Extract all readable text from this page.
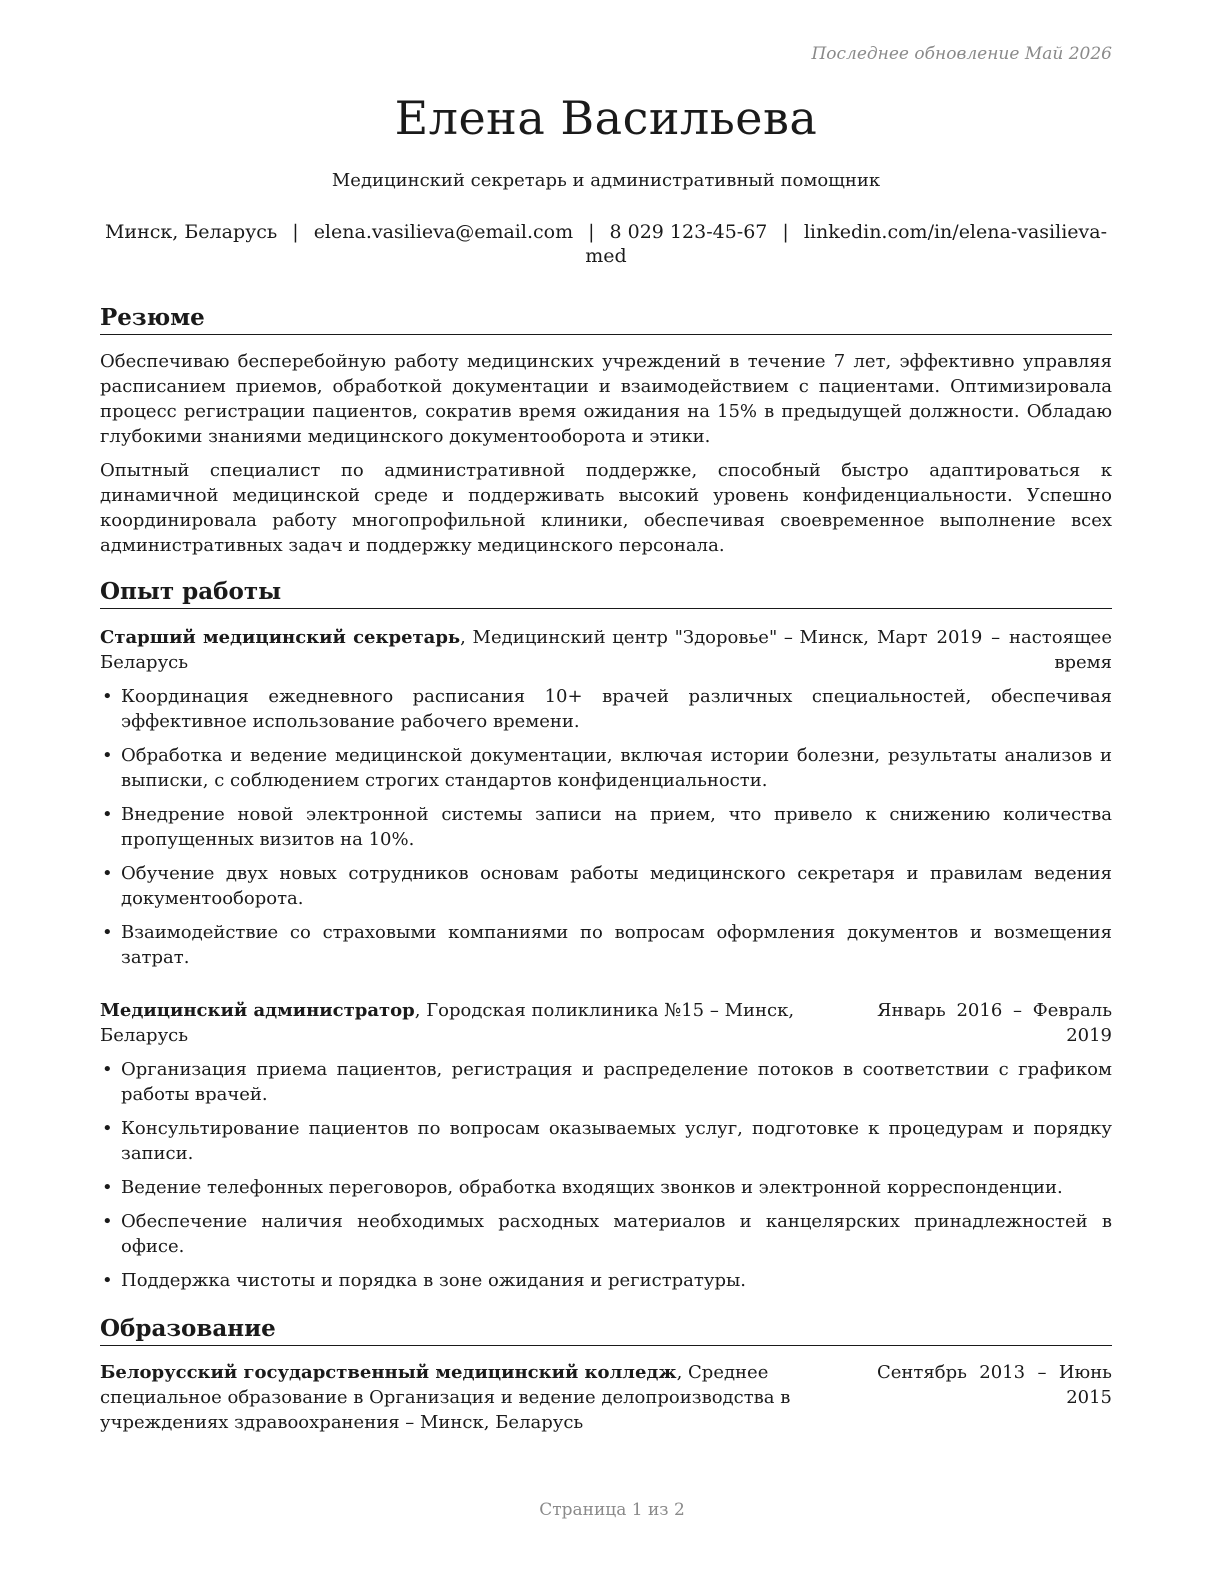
Последнее обновление Май 2026
Елена Васильева
Медицинский секретарь и административный помощник
Минск, Беларусь | elena.vasilieva@email.com | 8 029 123-45-67 | linkedin.com/in/elena-vasilieva-med
Резюме

Обеспечиваю бесперебойную работу медицинских учреждений в течение 7 лет, эффективно управляя расписанием приемов, обработкой документации и взаимодействием с пациентами. Оптимизировала процесс регистрации пациентов, сократив время ожидания на 15% в предыдущей должности. Обладаю глубокими знаниями медицинского документооборота и этики.

Опытный специалист по административной поддержке, способный быстро адаптироваться к динамичной медицинской среде и поддерживать высокий уровень конфиденциальности. Успешно координировала работу многопрофильной клиники, обеспечивая своевременное выполнение всех административных задач и поддержку медицинского персонала.

Опыт работы
Старший медицинский секретарь, Медицинский центр "Здоровье" – Минск, Беларусь
Март 2019 – настоящее время
• Координация ежедневного расписания 10+ врачей различных специальностей, обеспечивая эффективное использование рабочего времени.
• Обработка и ведение медицинской документации, включая истории болезни, результаты анализов и выписки, с соблюдением строгих стандартов конфиденциальности.
• Внедрение новой электронной системы записи на прием, что привело к снижению количества пропущенных визитов на 10%.
• Обучение двух новых сотрудников основам работы медицинского секретаря и правилам ведения документооборота.
• Взаимодействие со страховыми компаниями по вопросам оформления документов и возмещения затрат.
Медицинский администратор, Городская поликлиника №15 – Минск, Беларусь
Январь 2016 – Февраль 2019
• Организация приема пациентов, регистрация и распределение потоков в соответствии с графиком работы врачей.
• Консультирование пациентов по вопросам оказываемых услуг, подготовке к процедурам и порядку записи.
• Ведение телефонных переговоров, обработка входящих звонков и электронной корреспонденции.
• Обеспечение наличия необходимых расходных материалов и канцелярских принадлежностей в офисе.
• Поддержка чистоты и порядка в зоне ожидания и регистратуры.
Образование
Белорусский государственный медицинский колледж, Среднее специальное образование в Организация и ведение делопроизводства в учреждениях здравоохранения – Минск, Беларусь
Сентябрь 2013 – Июнь 2015
Страница 1 из 2
